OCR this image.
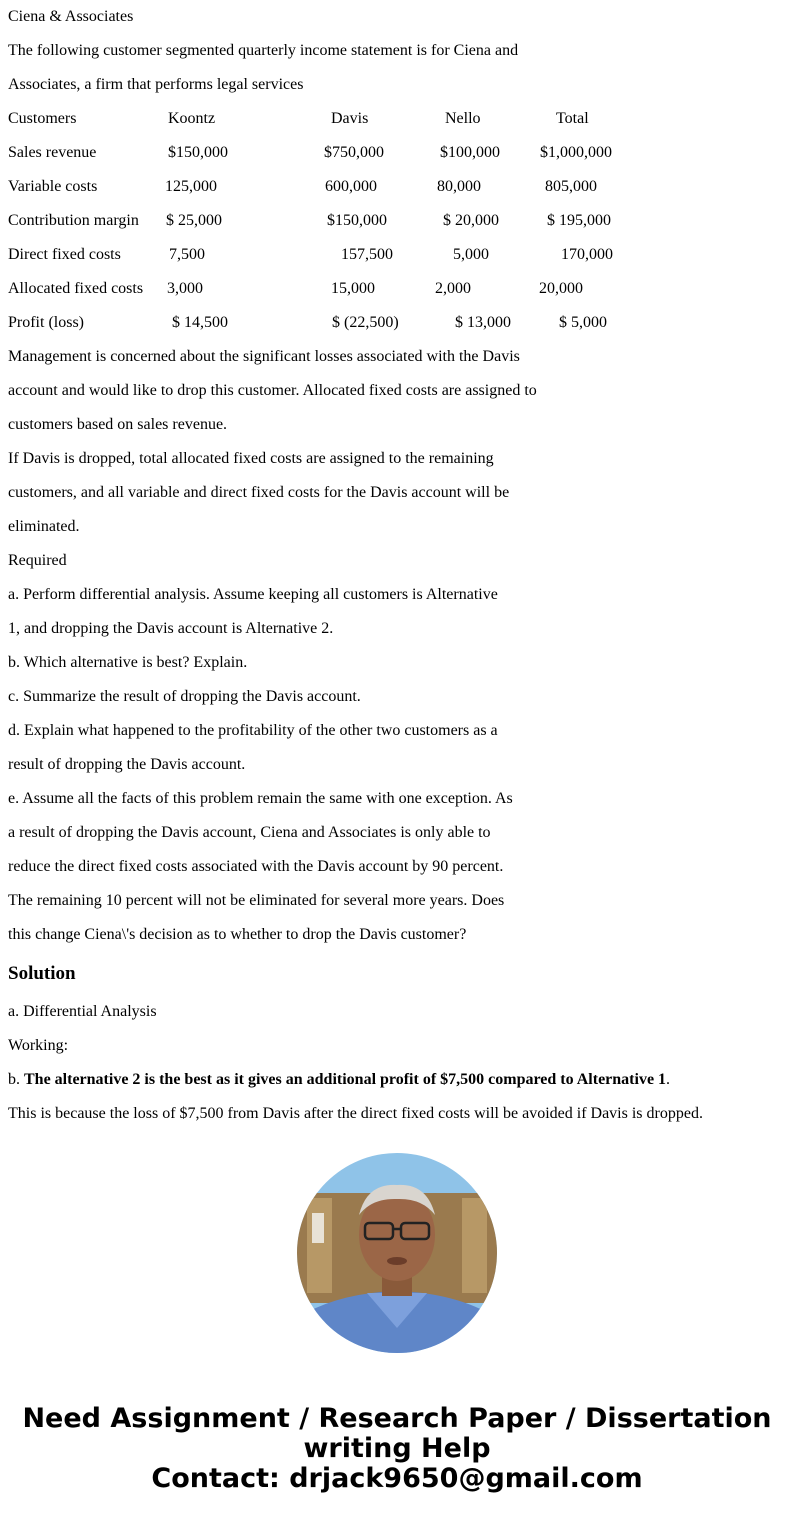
Ciena & Associates
The following customer segmented quarterly income statement is for Ciena and
Associates, a firm that performs legal services
Customers	Koontz	Davis	Nello	Total
Sales revenue	$150,000	$750,000	$100,000	$1,000,000
Variable costs	125,000	600,000	80,000	805,000
Contribution margin $ 25,000	$150,000	$ 20,000	$ 195,000
Direct fixed costs	7,500	157,500	5,000	170,000
Allocated fixed costs 3,000	15,000	2,000	20,000
Profit (loss)	$ 14,500	$ (22,500)	$ 13,000	$ 5,000
Management is concerned about the significant losses associated with the Davis
account and would like to drop this customer. Allocated fixed costs are assigned to
customers based on sales revenue.
If Davis is dropped, total allocated fixed costs are assigned to the remaining
customers, and all variable and direct fixed costs for the Davis account will be
eliminated.
Required
a. Perform differential analysis. Assume keeping all customers is Alternative
1, and dropping the Davis account is Alternative 2.
b. Which alternative is best? Explain.
c. Summarize the result of dropping the Davis account.
d. Explain what happened to the profitability of the other two customers as a
result of dropping the Davis account.
e. Assume all the facts of this problem remain the same with one exception. As
a result of dropping the Davis account, Ciena and Associates is only able to
reduce the direct fixed costs associated with the Davis account by 90 percent.
The remaining 10 percent will not be eliminated for several more years. Does
this change Ciena\'s decision as to whether to drop the Davis customer?
Solution
a. Differential Analysis
Working:
b. The alternative 2 is the best as it gives an additional profit of $7,500 compared to Alternative 1.
This is because the loss of $7,500 from Davis after the direct fixed costs will be avoided if Davis is dropped.
Need Assignment / Research Paper / Dissertation
writing Help
Contact: drjack9650@gmail.com
